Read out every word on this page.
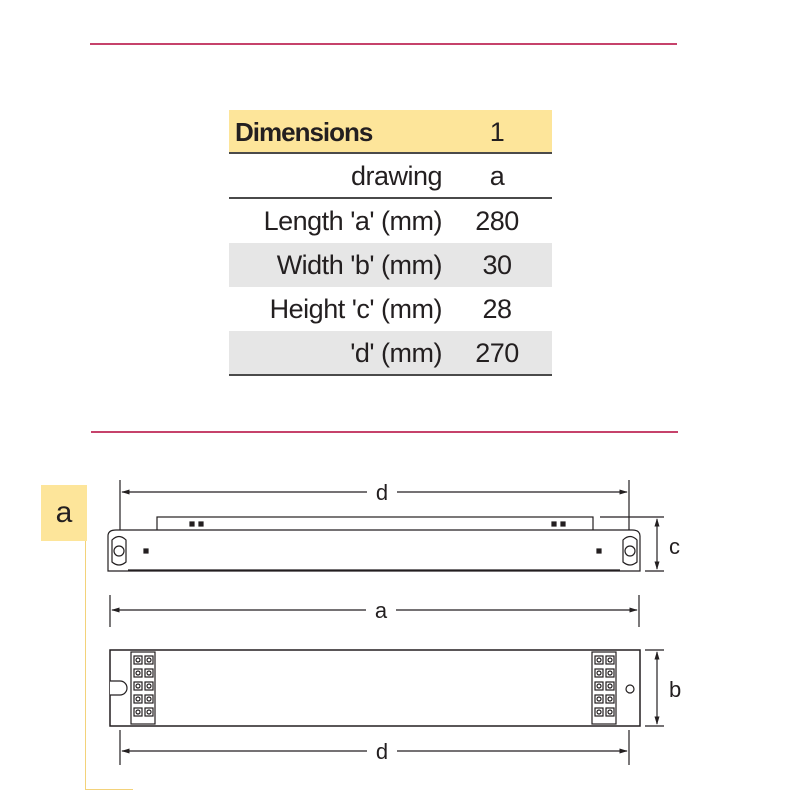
Dimensions	1
drawing	a
Length 'a' (mm)	280
Width 'b' (mm)	30
Height 'c' (mm)	28
'd' (mm)	270
a
d
c
a
b
d
